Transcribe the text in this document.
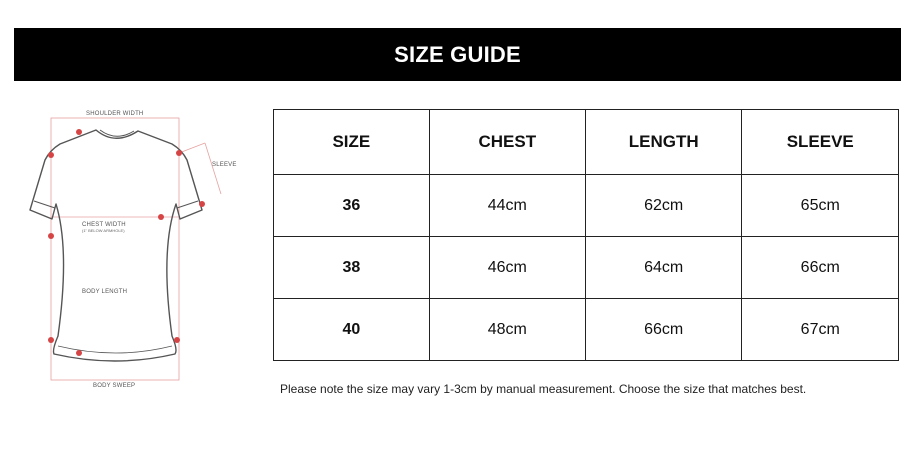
SIZE GUIDE
SHOULDER WIDTH
SLEEVE
CHEST WIDTH
(1" BELOW ARMHOLE)
BODY LENGTH
BODY SWEEP
SIZE	CHEST	LENGTH	SLEEVE
36	44cm	62cm	65cm
38	46cm	64cm	66cm
40	48cm	66cm	67cm
Please note the size may vary 1-3cm by manual measurement. Choose the size that matches best.
